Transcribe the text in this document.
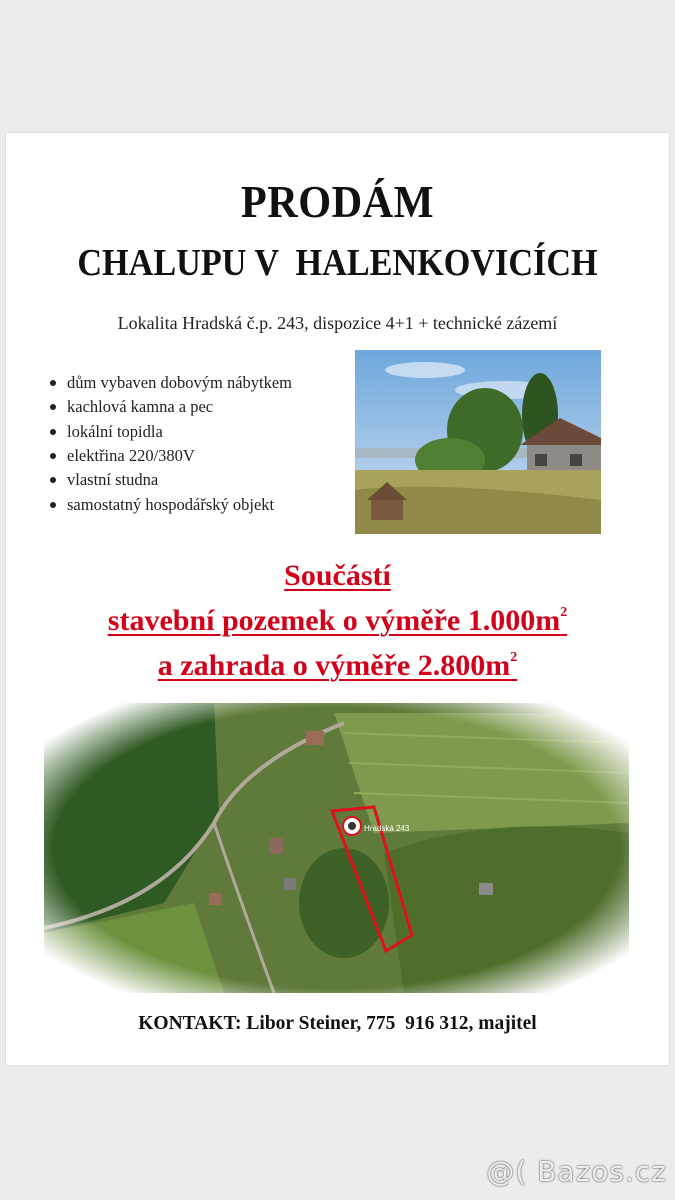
PRODÁM
CHALUPU V  HALENKOVICÍCH
Lokalita Hradská č.p. 243, dispozice 4+1 + technické zázemí
dům vybaven dobovým nábytkem
kachlová kamna a pec
lokální topidla
elektřina 220/380V
vlastní studna
samostatný hospodářský objekt
Součástí
stavební pozemek o výměře $1.000m^2$
a zahrada o výměře $2.800m^2$
KONTAKT: Libor Steiner, 775  916 312, majitel
@( Bazos.cz
